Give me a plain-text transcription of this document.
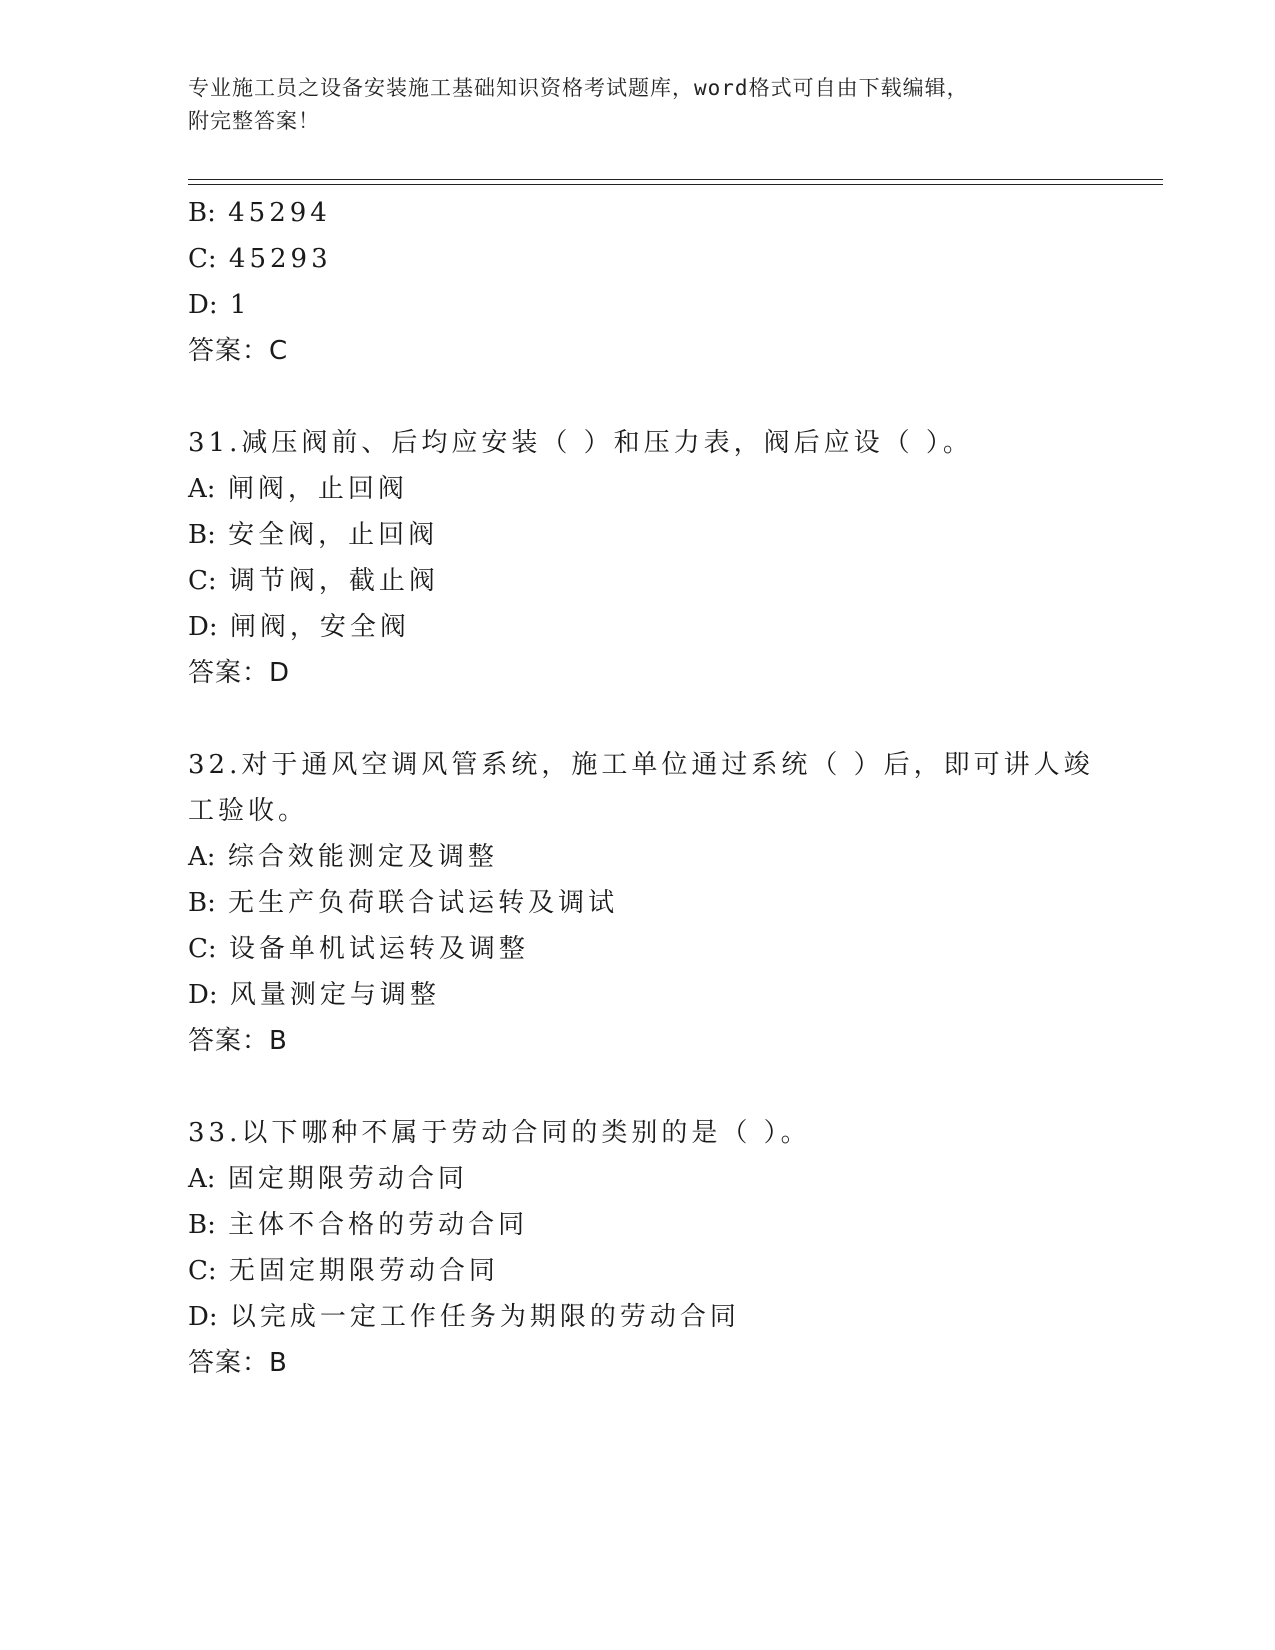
专业施工员之设备安装施工基础知识资格考试题库，word格式可自由下载编辑，
附完整答案！
B: 45294
C: 45293
D: 1
答案：C
31.减压阀前、后均应安装（ ）和压力表，阀后应设（ ）。
A: 闸阀，止回阀
B: 安全阀，止回阀
C: 调节阀，截止阀
D: 闸阀，安全阀
答案：D
32.对于通风空调风管系统，施工单位通过系统（ ）后，即可讲人竣
工验收。
A: 综合效能测定及调整
B: 无生产负荷联合试运转及调试
C: 设备单机试运转及调整
D: 风量测定与调整
答案：B
33.以下哪种不属于劳动合同的类别的是（ ）。
A: 固定期限劳动合同
B: 主体不合格的劳动合同
C: 无固定期限劳动合同
D: 以完成一定工作任务为期限的劳动合同
答案：B
